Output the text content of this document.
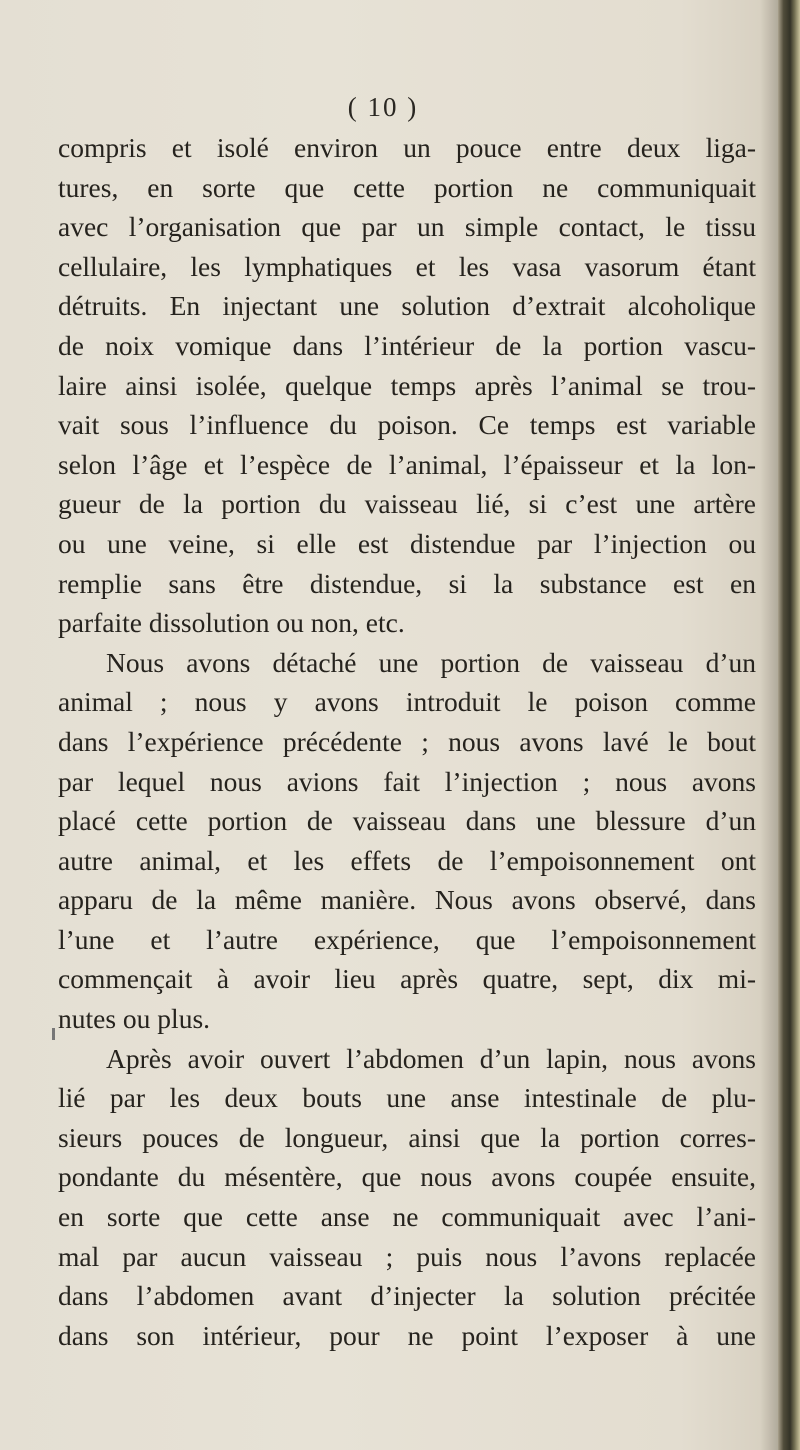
( 10 )
compris et isolé environ un pouce entre deux liga-
tures, en sorte que cette portion ne communiquait
avec l’organisation que par un simple contact, le tissu
cellulaire, les lymphatiques et les vasa vasorum étant
détruits. En injectant une solution d’extrait alcoholique
de noix vomique dans l’intérieur de la portion vascu-
laire ainsi isolée, quelque temps après l’animal se trou-
vait sous l’influence du poison. Ce temps est variable
selon l’âge et l’espèce de l’animal, l’épaisseur et la lon-
gueur de la portion du vaisseau lié, si c’est une artère
ou une veine, si elle est distendue par l’injection ou
remplie sans être distendue, si la substance est en
parfaite dissolution ou non, etc.
Nous avons détaché une portion de vaisseau d’un
animal ; nous y avons introduit le poison comme
dans l’expérience précédente ; nous avons lavé le bout
par lequel nous avions fait l’injection ; nous avons
placé cette portion de vaisseau dans une blessure d’un
autre animal, et les effets de l’empoisonnement ont
apparu de la même manière. Nous avons observé, dans
l’une et l’autre expérience, que l’empoisonnement
commençait à avoir lieu après quatre, sept, dix mi-
nutes ou plus.
Après avoir ouvert l’abdomen d’un lapin, nous avons
lié par les deux bouts une anse intestinale de plu-
sieurs pouces de longueur, ainsi que la portion corres-
pondante du mésentère, que nous avons coupée ensuite,
en sorte que cette anse ne communiquait avec l’ani-
mal par aucun vaisseau ; puis nous l’avons replacée
dans l’abdomen avant d’injecter la solution précitée
dans son intérieur, pour ne point l’exposer à une
